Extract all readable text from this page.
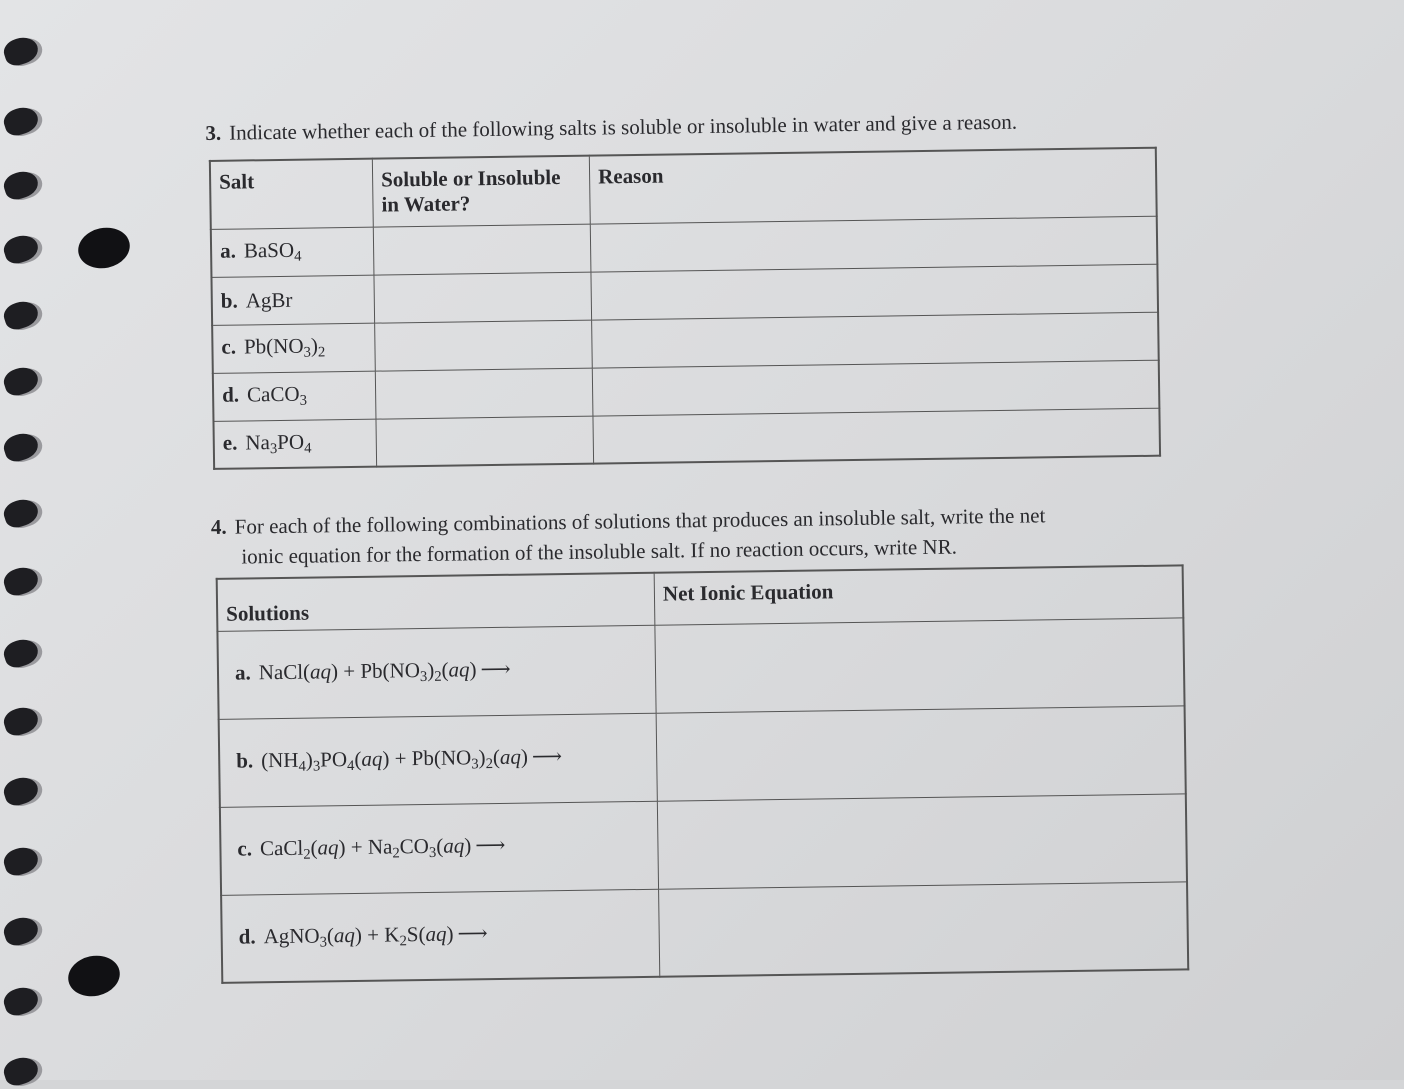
3. Indicate whether each of the following salts is soluble or insoluble in water and give a reason.
Salt	Soluble or Insoluble in Water?	Reason
a. BaSO$_4$		
b. AgBr		
c. $Pb(NO_3)_2$		
d. CaCO$_3$		
e. $Na_3PO_4$		
4. For each of the following combinations of solutions that produces an insoluble salt, write the net
ionic equation for the formation of the insoluble salt. If no reaction occurs, write NR.
Solutions	Net Ionic Equation
a. NaCl(aq) + $Pb(NO_3)_2(aq)$ ⟶	
b. $(NH_4)_3PO_4(aq) + Pb(NO_3)_2(aq)$ ⟶	
c. CaCl$_2$(aq) + $Na_2CO_3(aq)$ ⟶	
d. AgNO$_3$(aq) + $K_2S(aq)$ ⟶	
